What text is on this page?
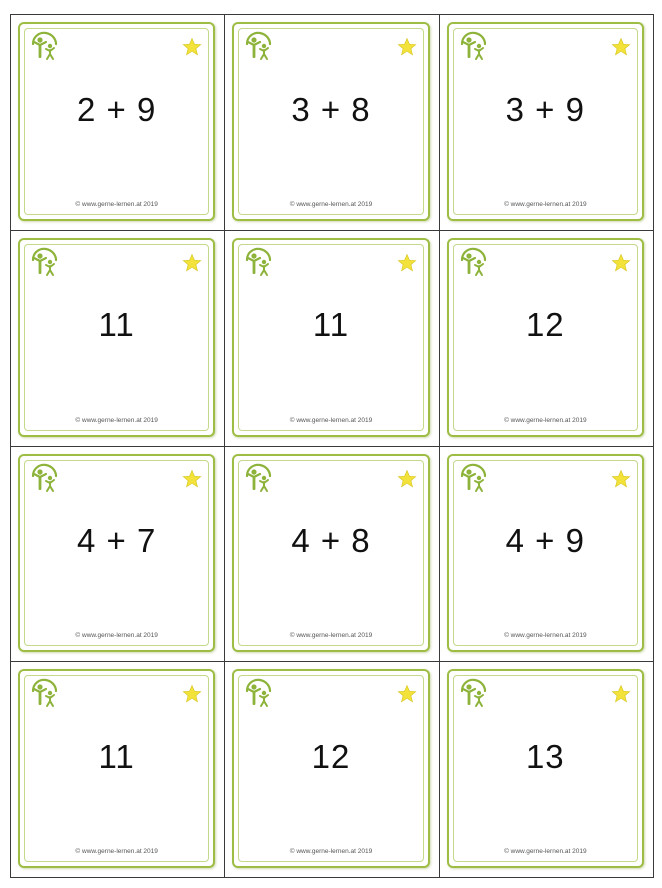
2 + 9
© www.gerne-lernen.at 2019
3 + 8
© www.gerne-lernen.at 2019
3 + 9
© www.gerne-lernen.at 2019
11
© www.gerne-lernen.at 2019
11
© www.gerne-lernen.at 2019
12
© www.gerne-lernen.at 2019
4 + 7
© www.gerne-lernen.at 2019
4 + 8
© www.gerne-lernen.at 2019
4 + 9
© www.gerne-lernen.at 2019
11
© www.gerne-lernen.at 2019
12
© www.gerne-lernen.at 2019
13
© www.gerne-lernen.at 2019
